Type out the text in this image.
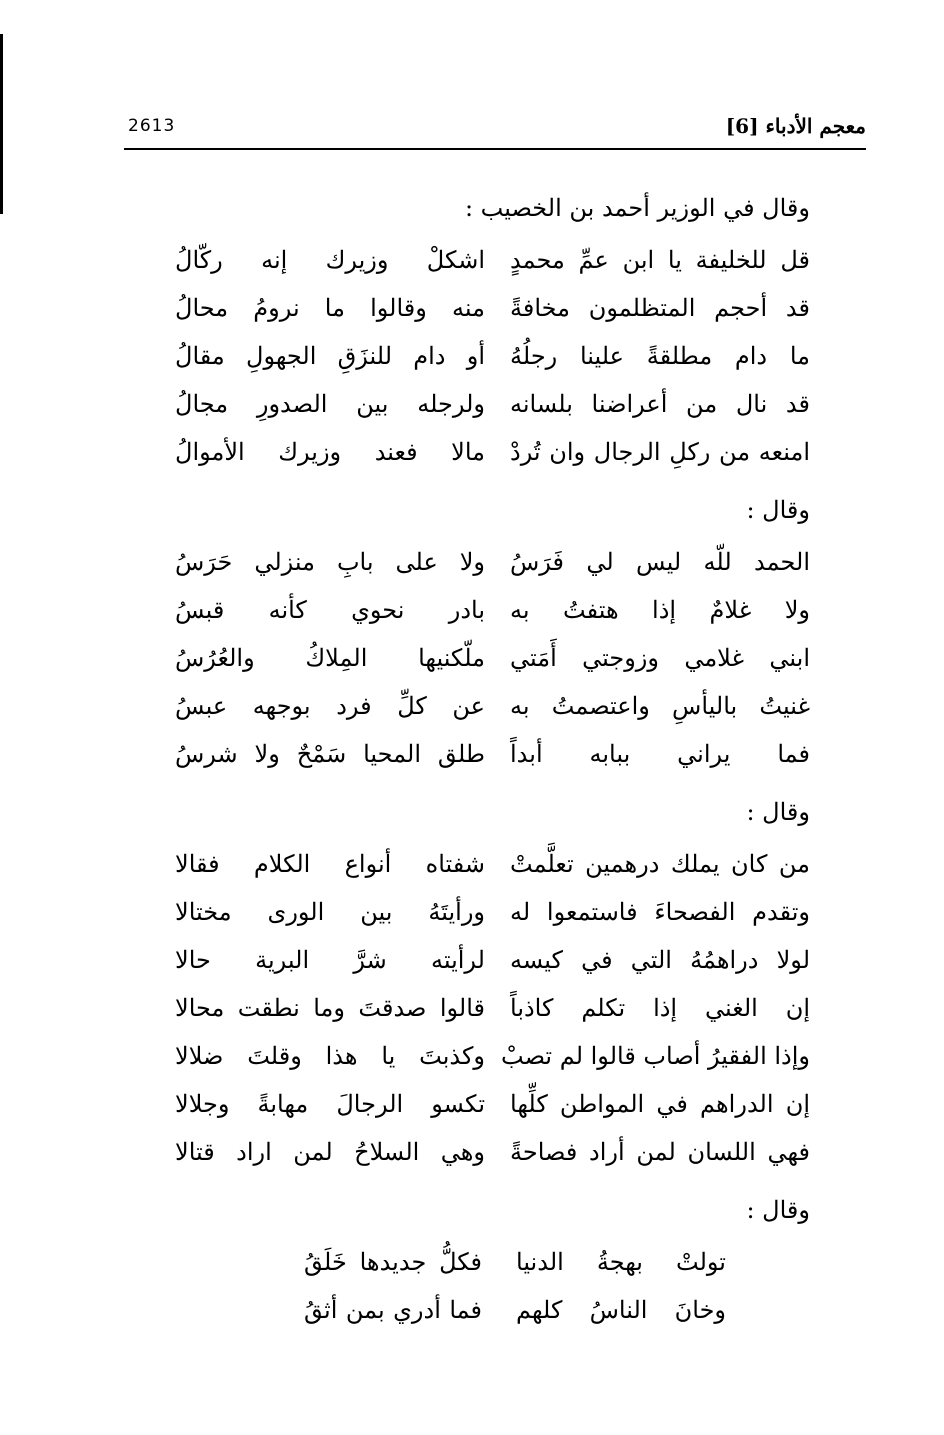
2613	معجم الأدباء [6]
وقال في الوزير أحمد بن الخصيب :
قل للخليفة يا ابن عمِّ محمدٍ
اشكلْ وزيرك إنه ركّالُ
قد أحجم المتظلمون مخافةً
منه وقالوا ما نرومُ محالُ
ما دام مطلقةً علينا رجلُهُ
أو دام للنزَقِ الجهولِ مقالُ
قد نال من أعراضنا بلسانه
ولرجله بين الصدورِ مجالُ
امنعه من ركلِ الرجال وان تُردْ
مالا فعند وزيرك الأموالُ
وقال :
الحمد للّه ليس لي فَرَسُ
ولا على بابِ منزلي حَرَسُ
ولا غلامٌ إذا هتفتُ به
بادر نحوي كأنه قبسُ
ابني غلامي وزوجتي أَمَتي
ملّكنيها المِلاكُ والعُرُسُ
غنيتُ باليأسِ واعتصمتُ به
عن كلِّ فرد بوجهه عبسُ
فما يراني ببابه أبداً
طلق المحيا سَمْحٌ ولا شرسُ
وقال :
من كان يملك درهمين تعلَّمتْ
شفتاه أنواع الكلام فقالا
وتقدم الفصحاءَ فاستمعوا له
ورأيتَهُ بين الورى مختالا
لولا دراهمُهُ التي في كيسه
لرأيته شرَّ البرية حالا
إن الغني إذا تكلم كاذباً
قالوا صدقتَ وما نطقت محالا
وإذا الفقيرُ أصاب قالوا لم تصبْ
وكذبتَ يا هذا وقلتَ ضلالا
إن الدراهم في المواطن كلِّها
تكسو الرجالَ مهابةً وجلالا
فهي اللسان لمن أراد فصاحةً
وهي السلاحُ لمن اراد قتالا
وقال :
تولتْ بهجةُ الدنيا
فكلُّ جديدها خَلَقُ
وخانَ الناسُ كلهم
فما أدري بمن أثقُ
